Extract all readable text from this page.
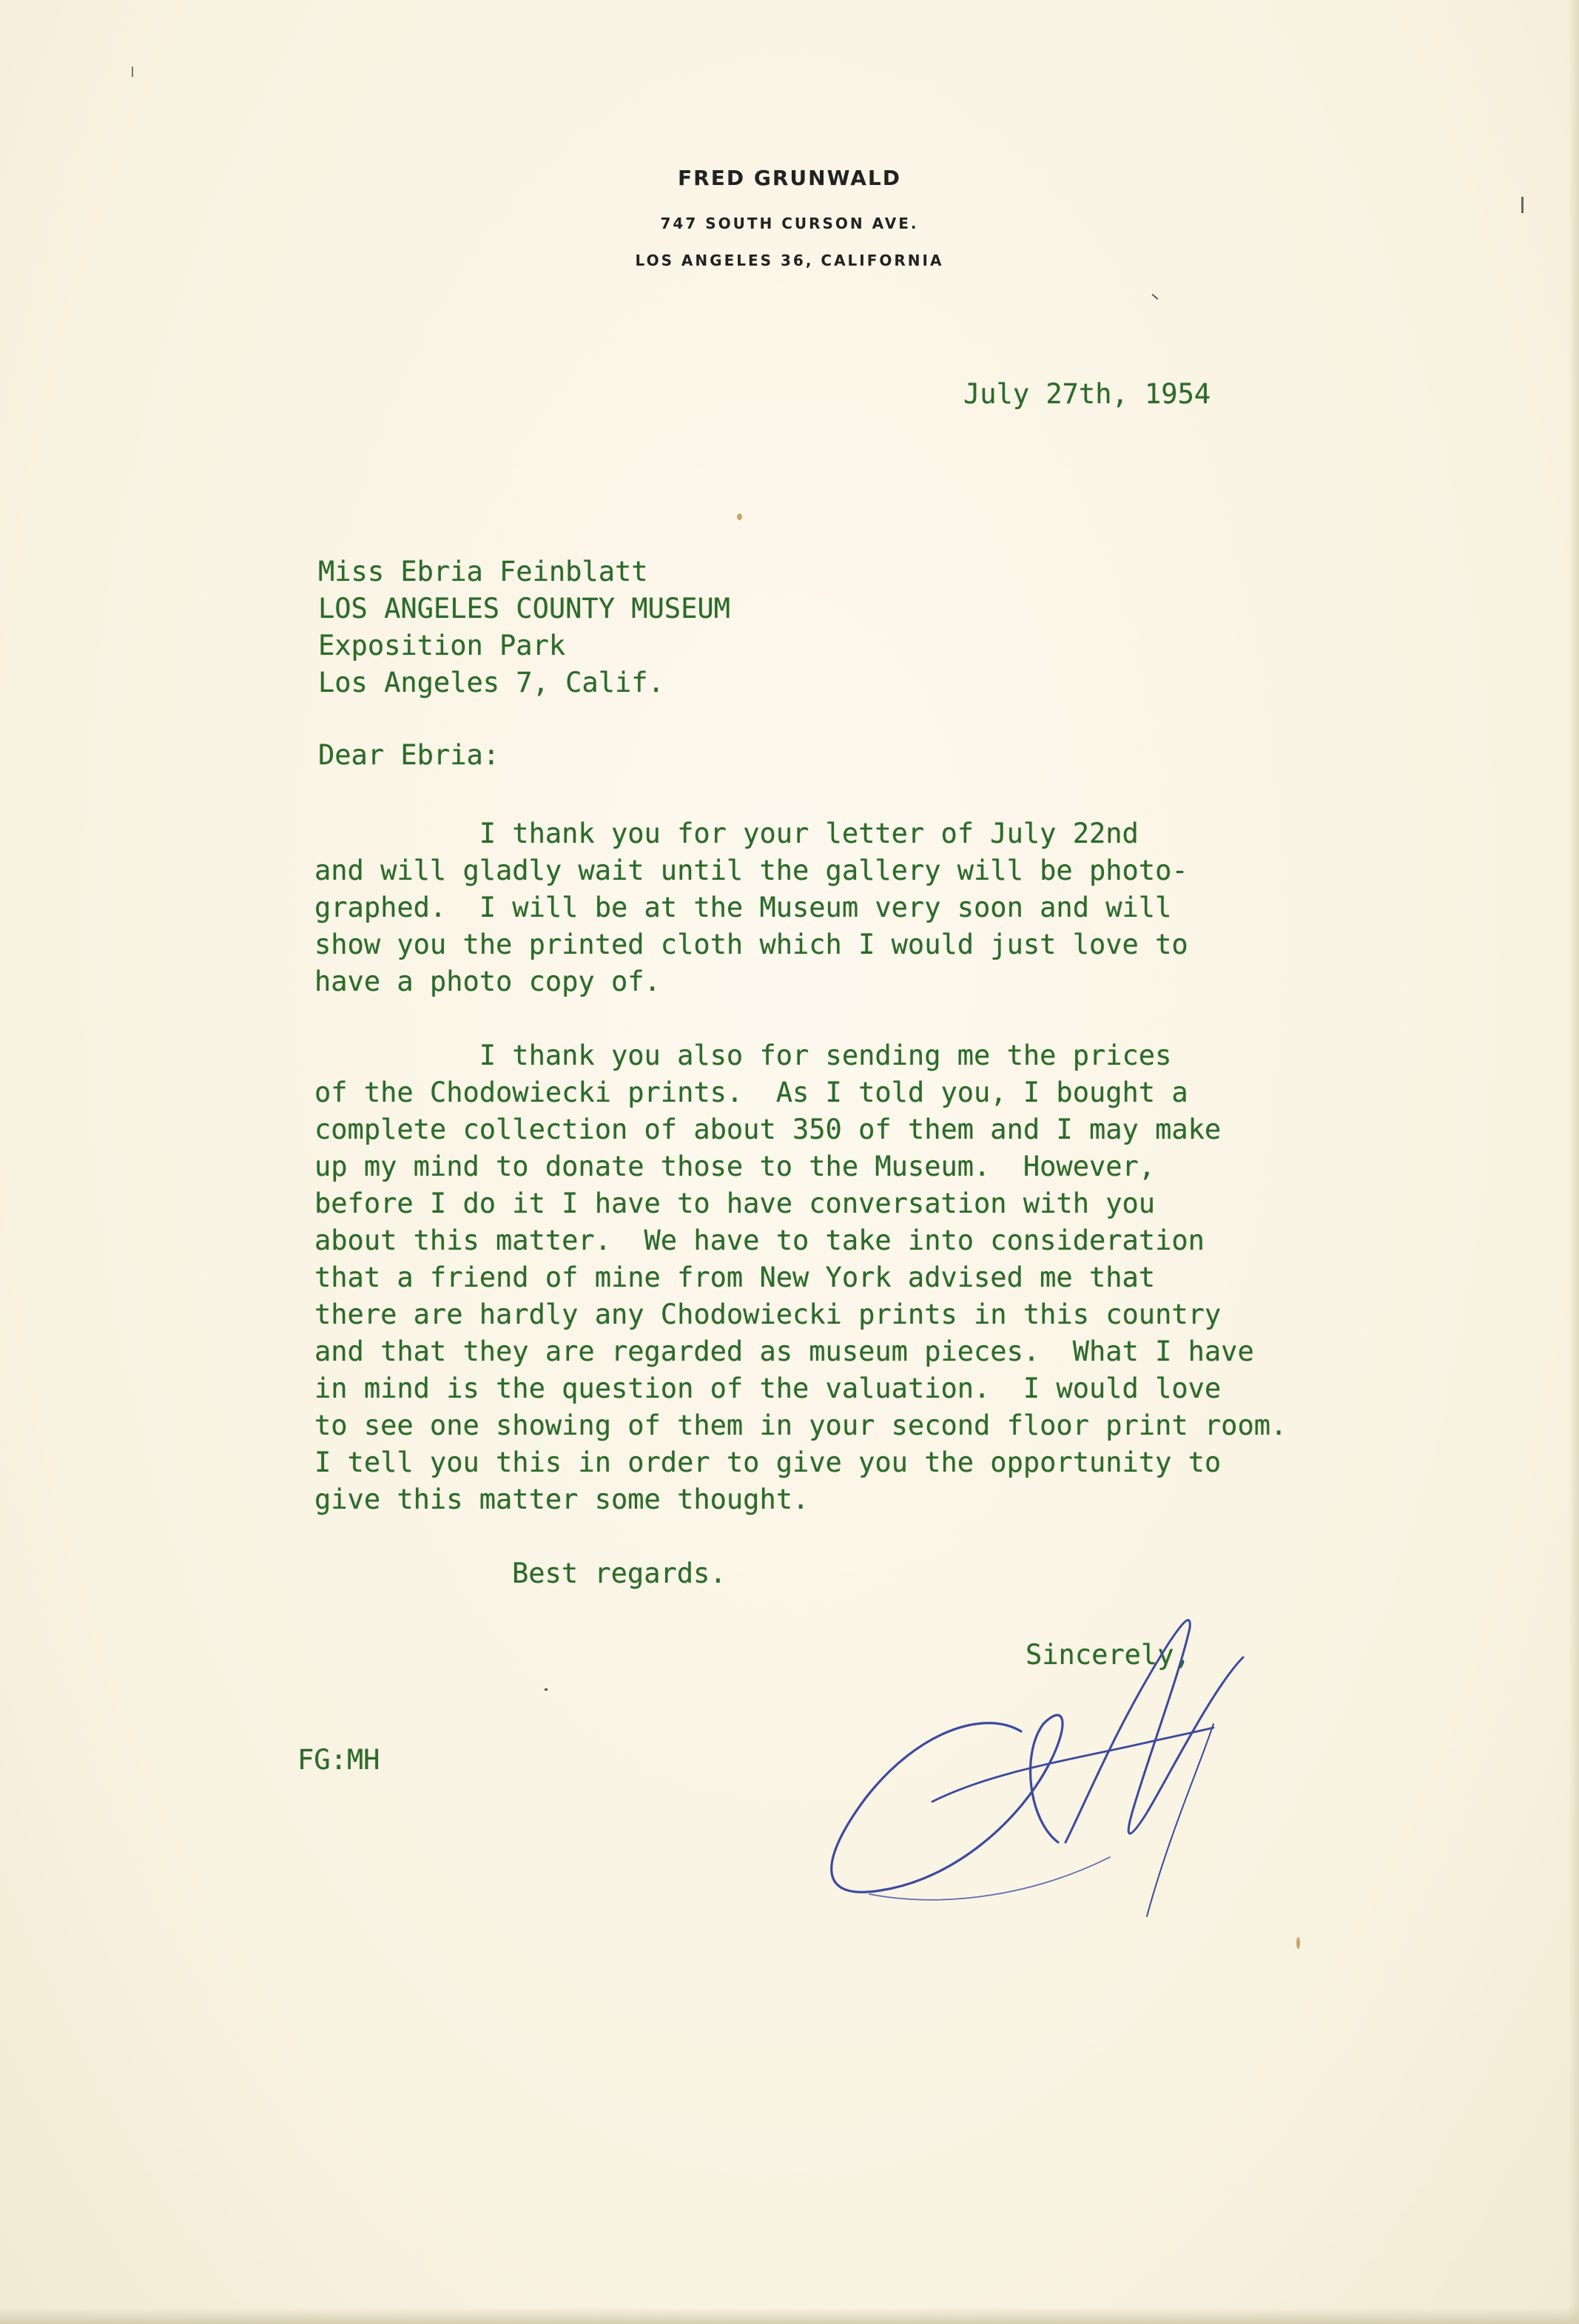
FRED GRUNWALD
747 SOUTH CURSON AVE.
LOS ANGELES 36, CALIFORNIA
July 27th, 1954
Miss Ebria Feinblatt
LOS ANGELES COUNTY MUSEUM
Exposition Park
Los Angeles 7, Calif.
Dear Ebria:
I thank you for your letter of July 22nd
and will gladly wait until the gallery will be photo-
graphed.  I will be at the Museum very soon and will
show you the printed cloth which I would just love to
have a photo copy of.
I thank you also for sending me the prices
of the Chodowiecki prints.  As I told you, I bought a
complete collection of about 350 of them and I may make
up my mind to donate those to the Museum.  However,
before I do it I have to have conversation with you
about this matter.  We have to take into consideration
that a friend of mine from New York advised me that
there are hardly any Chodowiecki prints in this country
and that they are regarded as museum pieces.  What I have
in mind is the question of the valuation.  I would love
to see one showing of them in your second floor print room.
I tell you this in order to give you the opportunity to
give this matter some thought.
Best regards.
Sincerely,
FG:MH
